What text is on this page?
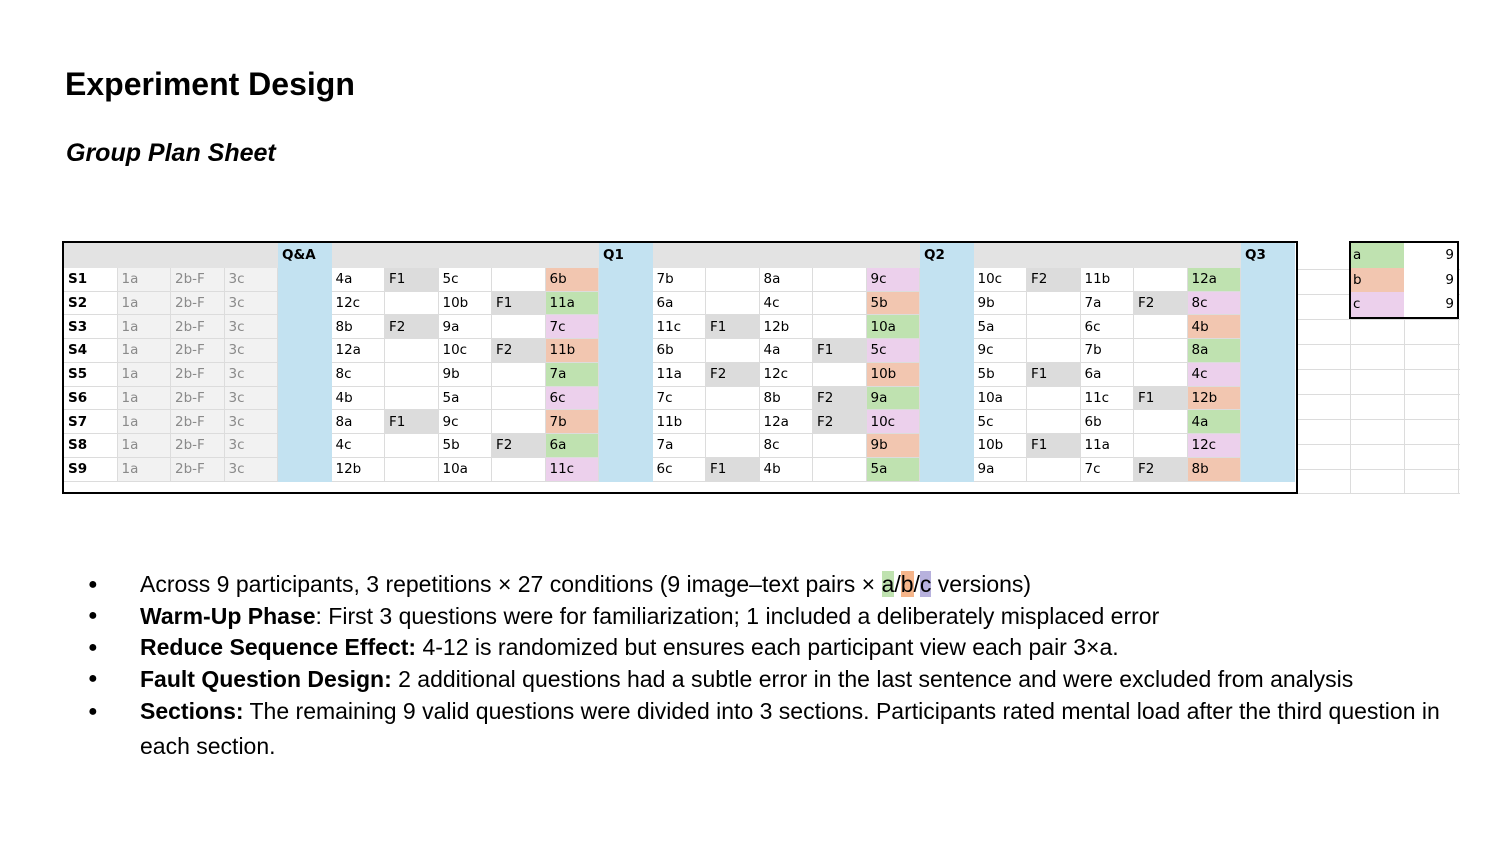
Experiment Design
Group Plan Sheet
				Q&A						Q1						Q2						Q3
S1	1a	2b-F	3c		4a	F1	5c		6b		7b		8a		9c		10c	F2	11b		12a	
S2	1a	2b-F	3c		12c		10b	F1	11a		6a		4c		5b		9b		7a	F2	8c	
S3	1a	2b-F	3c		8b	F2	9a		7c		11c	F1	12b		10a		5a		6c		4b	
S4	1a	2b-F	3c		12a		10c	F2	11b		6b		4a	F1	5c		9c		7b		8a	
S5	1a	2b-F	3c		8c		9b		7a		11a	F2	12c		10b		5b	F1	6a		4c	
S6	1a	2b-F	3c		4b		5a		6c		7c		8b	F2	9a		10a		11c	F1	12b	
S7	1a	2b-F	3c		8a	F1	9c		7b		11b		12a	F2	10c		5c		6b		4a	
S8	1a	2b-F	3c		4c		5b	F2	6a		7a		8c		9b		10b	F1	11a		12c	
S9	1a	2b-F	3c		12b		10a		11c		6c	F1	4b		5a		9a		7c	F2	8b	
a	9
b	9
c	9
● Across 9 participants, 3 repetitions × 27 conditions (9 image–text pairs × a/b/c versions)
● Warm-Up Phase: First 3 questions were for familiarization; 1 included a deliberately misplaced error
● Reduce Sequence Effect: 4-12 is randomized but ensures each participant view each pair 3×a.
● Fault Question Design: 2 additional questions had a subtle error in the last sentence and were excluded from analysis
● Sections: The remaining 9 valid questions were divided into 3 sections. Participants rated mental load after the third question in each section.
